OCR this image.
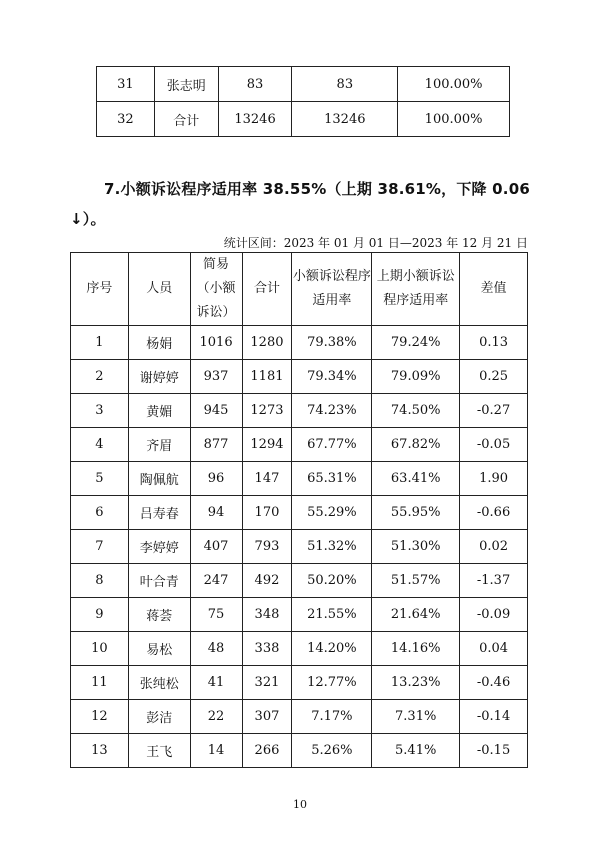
31	张志明	83	83	100.00%
32	合计	13246	13246	100.00%
7.小额诉讼程序适用率 38.55%（上期 38.61%，下降 0.06
↓）。
统计区间：2023 年 01 月 01 日—2023 年 12 月 21 日
序号	人员	简易（小额诉讼）	合计	小额诉讼程序适用率	上期小额诉讼程序适用率	差值
1	杨娟	1016	1280	79.38%	79.24%	0.13
2	谢婷婷	937	1181	79.34%	79.09%	0.25
3	黄媚	945	1273	74.23%	74.50%	-0.27
4	齐眉	877	1294	67.77%	67.82%	-0.05
5	陶佩航	96	147	65.31%	63.41%	1.90
6	吕寿春	94	170	55.29%	55.95%	-0.66
7	李婷婷	407	793	51.32%	51.30%	0.02
8	叶合青	247	492	50.20%	51.57%	-1.37
9	蒋荟	75	348	21.55%	21.64%	-0.09
10	易松	48	338	14.20%	14.16%	0.04
11	张纯松	41	321	12.77%	13.23%	-0.46
12	彭洁	22	307	7.17%	7.31%	-0.14
13	王飞	14	266	5.26%	5.41%	-0.15
10
